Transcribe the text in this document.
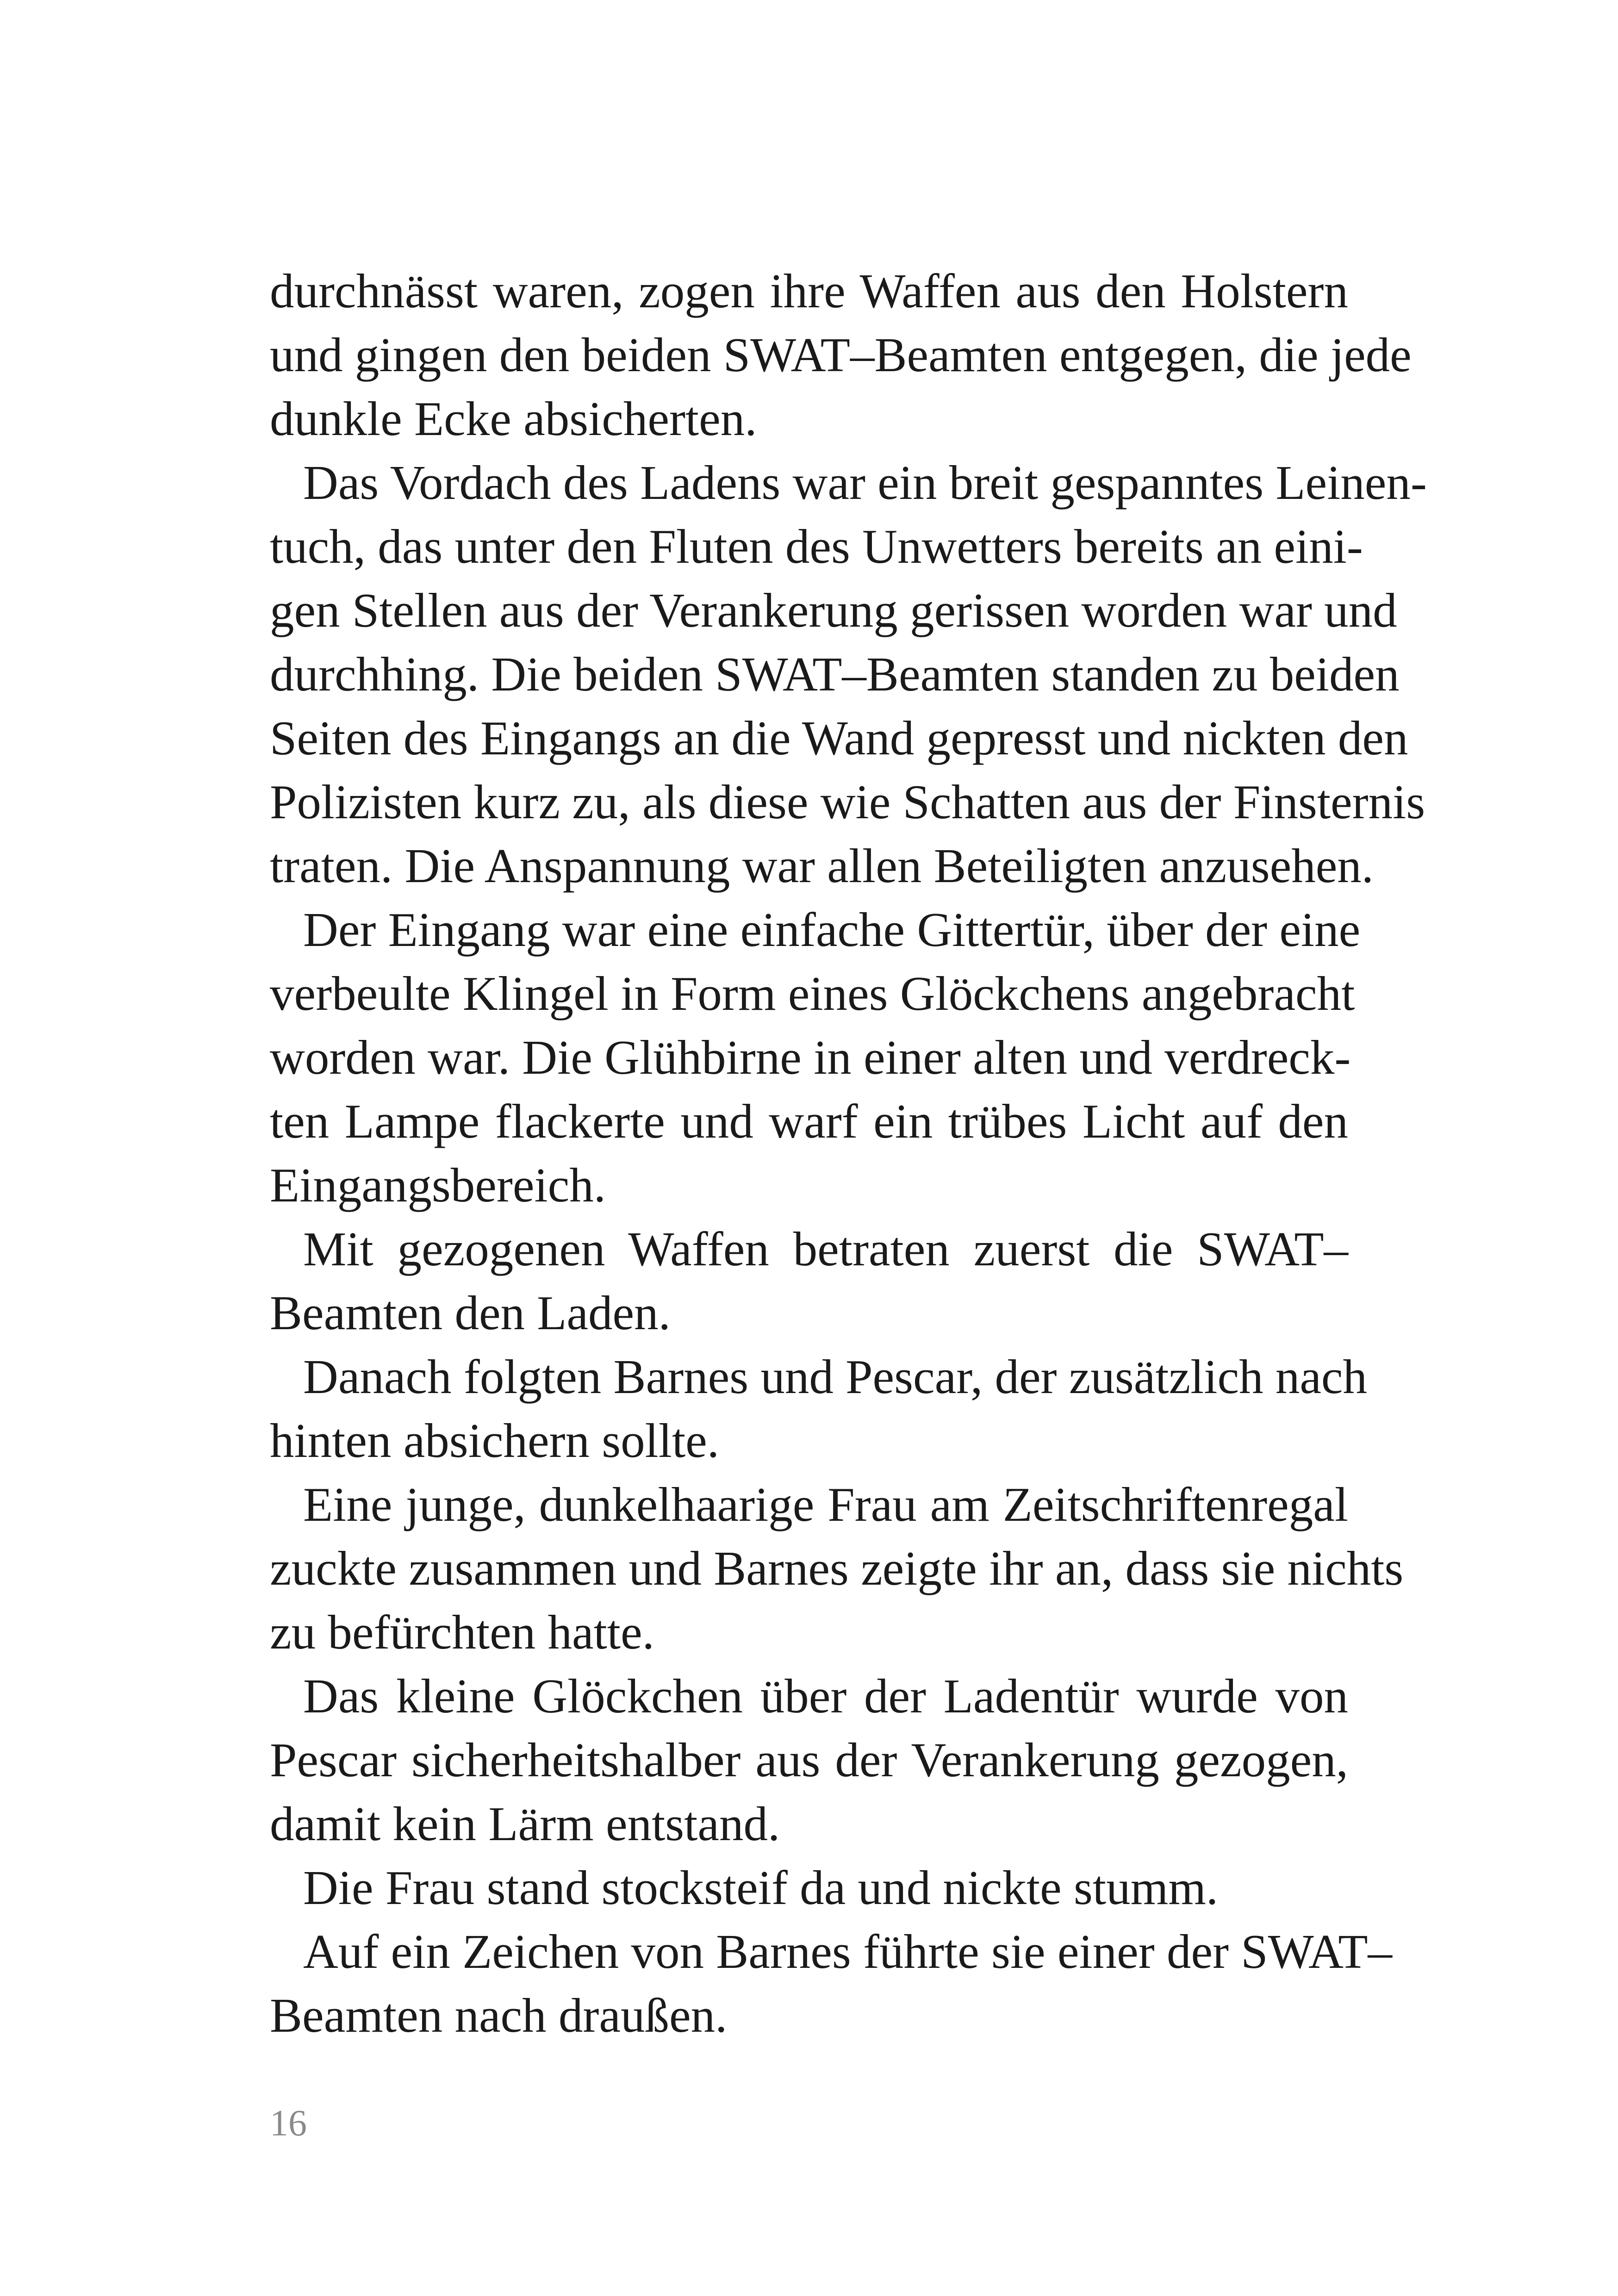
durchnässt waren, zogen ihre Waffen aus den Holstern
und gingen den beiden SWAT–Beamten entgegen, die jede
dunkle Ecke absicherten.
Das Vordach des Ladens war ein breit gespanntes Leinen-
tuch, das unter den Fluten des Unwetters bereits an eini-
gen Stellen aus der Verankerung gerissen worden war und
durchhing. Die beiden SWAT–Beamten standen zu beiden
Seiten des Eingangs an die Wand gepresst und nickten den
Polizisten kurz zu, als diese wie Schatten aus der Finsternis
traten. Die Anspannung war allen Beteiligten anzusehen.
Der Eingang war eine einfache Gittertür, über der eine
verbeulte Klingel in Form eines Glöckchens angebracht
worden war. Die Glühbirne in einer alten und verdreck-
ten Lampe flackerte und warf ein trübes Licht auf den
Eingangsbereich.
Mit gezogenen Waffen betraten zuerst die SWAT–
Beamten den Laden.
Danach folgten Barnes und Pescar, der zusätzlich nach
hinten absichern sollte.
Eine junge, dunkelhaarige Frau am Zeitschriftenregal
zuckte zusammen und Barnes zeigte ihr an, dass sie nichts
zu befürchten hatte.
Das kleine Glöckchen über der Ladentür wurde von
Pescar sicherheitshalber aus der Verankerung gezogen,
damit kein Lärm entstand.
Die Frau stand stocksteif da und nickte stumm.
Auf ein Zeichen von Barnes führte sie einer der SWAT–
Beamten nach draußen.
16
